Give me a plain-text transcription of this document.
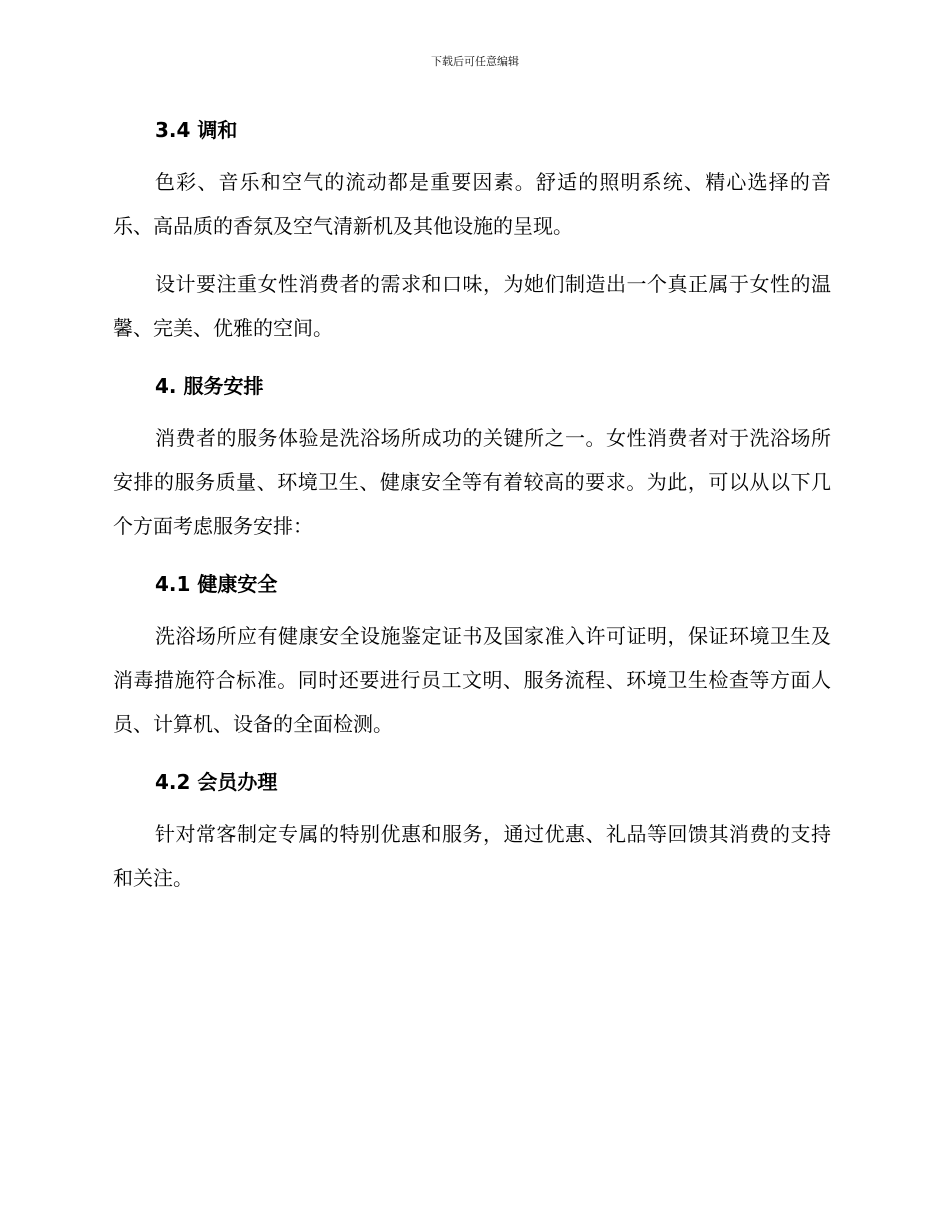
下载后可任意编辑
3.4 调和

色彩、音乐和空气的流动都是重要因素。舒适的照明系统、精心选择的音乐、高品质的香氛及空气清新机及其他设施的呈现。

设计要注重女性消费者的需求和口味，为她们制造出一个真正属于女性的温馨、完美、优雅的空间。

4. 服务安排

消费者的服务体验是洗浴场所成功的关键所之一。女性消费者对于洗浴场所安排的服务质量、环境卫生、健康安全等有着较高的要求。为此，可以从以下几个方面考虑服务安排：

4.1 健康安全

洗浴场所应有健康安全设施鉴定证书及国家准入许可证明，保证环境卫生及消毒措施符合标准。同时还要进行员工文明、服务流程、环境卫生检查等方面人员、计算机、设备的全面检测。

4.2 会员办理

针对常客制定专属的特别优惠和服务，通过优惠、礼品等回馈其消费的支持和关注。
